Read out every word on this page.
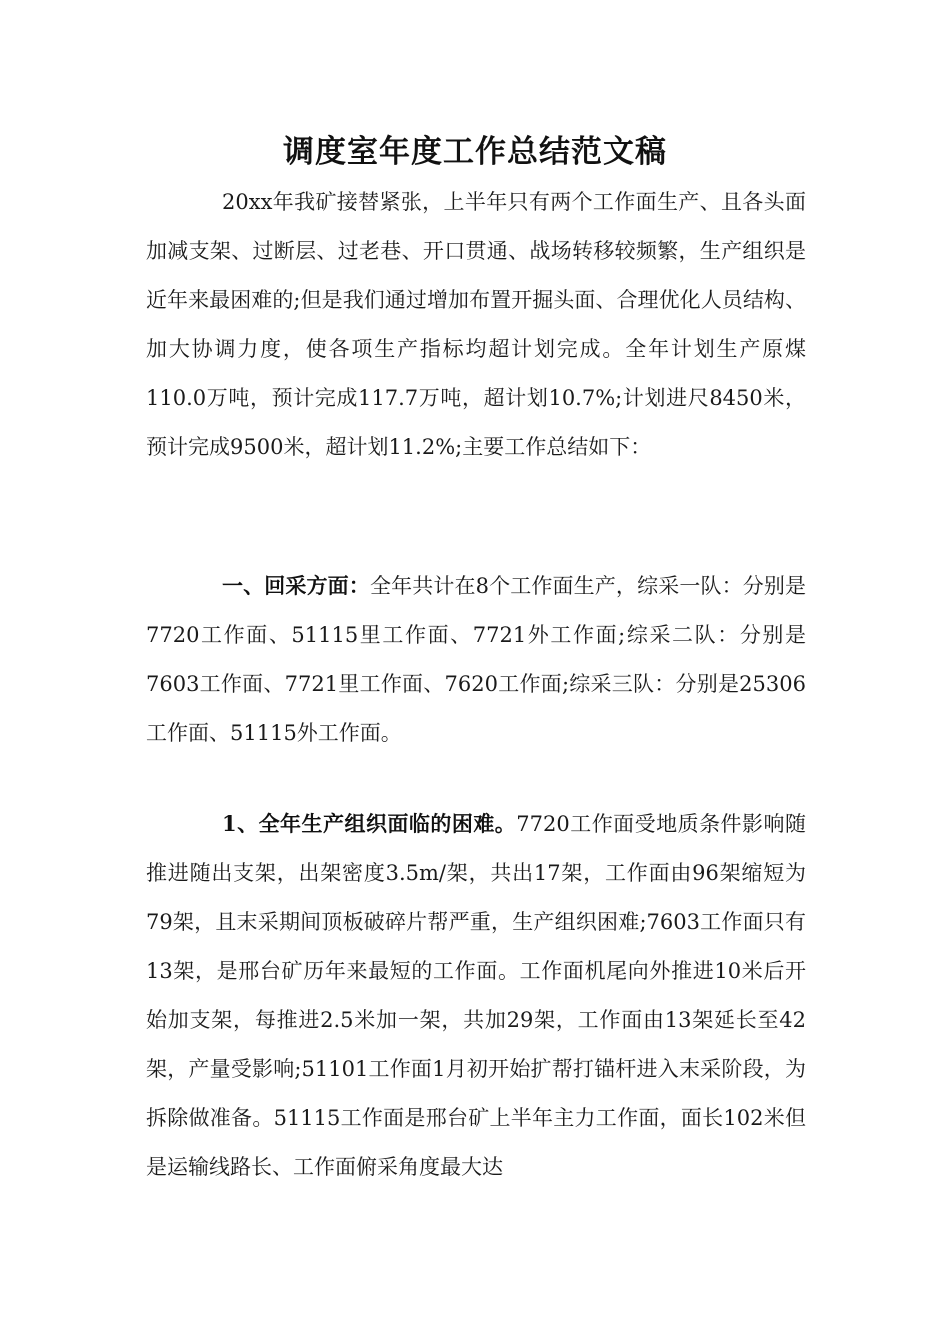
调度室年度工作总结范文稿

20xx年我矿接替紧张，上半年只有两个工作面生产、且各头面加减支架、过断层、过老巷、开口贯通、战场转移较频繁，生产组织是近年来最困难的;但是我们通过增加布置开掘头面、合理优化人员结构、加大协调力度，使各项生产指标均超计划完成。全年计划生产原煤110.0万吨，预计完成117.7万吨，超计划10.7%;计划进尺8450米，预计完成9500米，超计划11.2%;主要工作总结如下：

一、回采方面：全年共计在8个工作面生产，综采一队：分别是7720工作面、51115里工作面、7721外工作面;综采二队：分别是7603工作面、7721里工作面、7620工作面;综采三队：分别是25306工作面、51115外工作面。

1、全年生产组织面临的困难。7720工作面受地质条件影响随推进随出支架，出架密度3.5m/架，共出17架，工作面由96架缩短为79架，且末采期间顶板破碎片帮严重，生产组织困难;7603工作面只有13架，是邢台矿历年来最短的工作面。工作面机尾向外推进10米后开始加支架，每推进2.5米加一架，共加29架，工作面由13架延长至42架，产量受影响;51101工作面1月初开始扩帮打锚杆进入末采阶段，为拆除做准备。51115工作面是邢台矿上半年主力工作面，面长102米但是运输线路长、工作面俯采角度最大达
